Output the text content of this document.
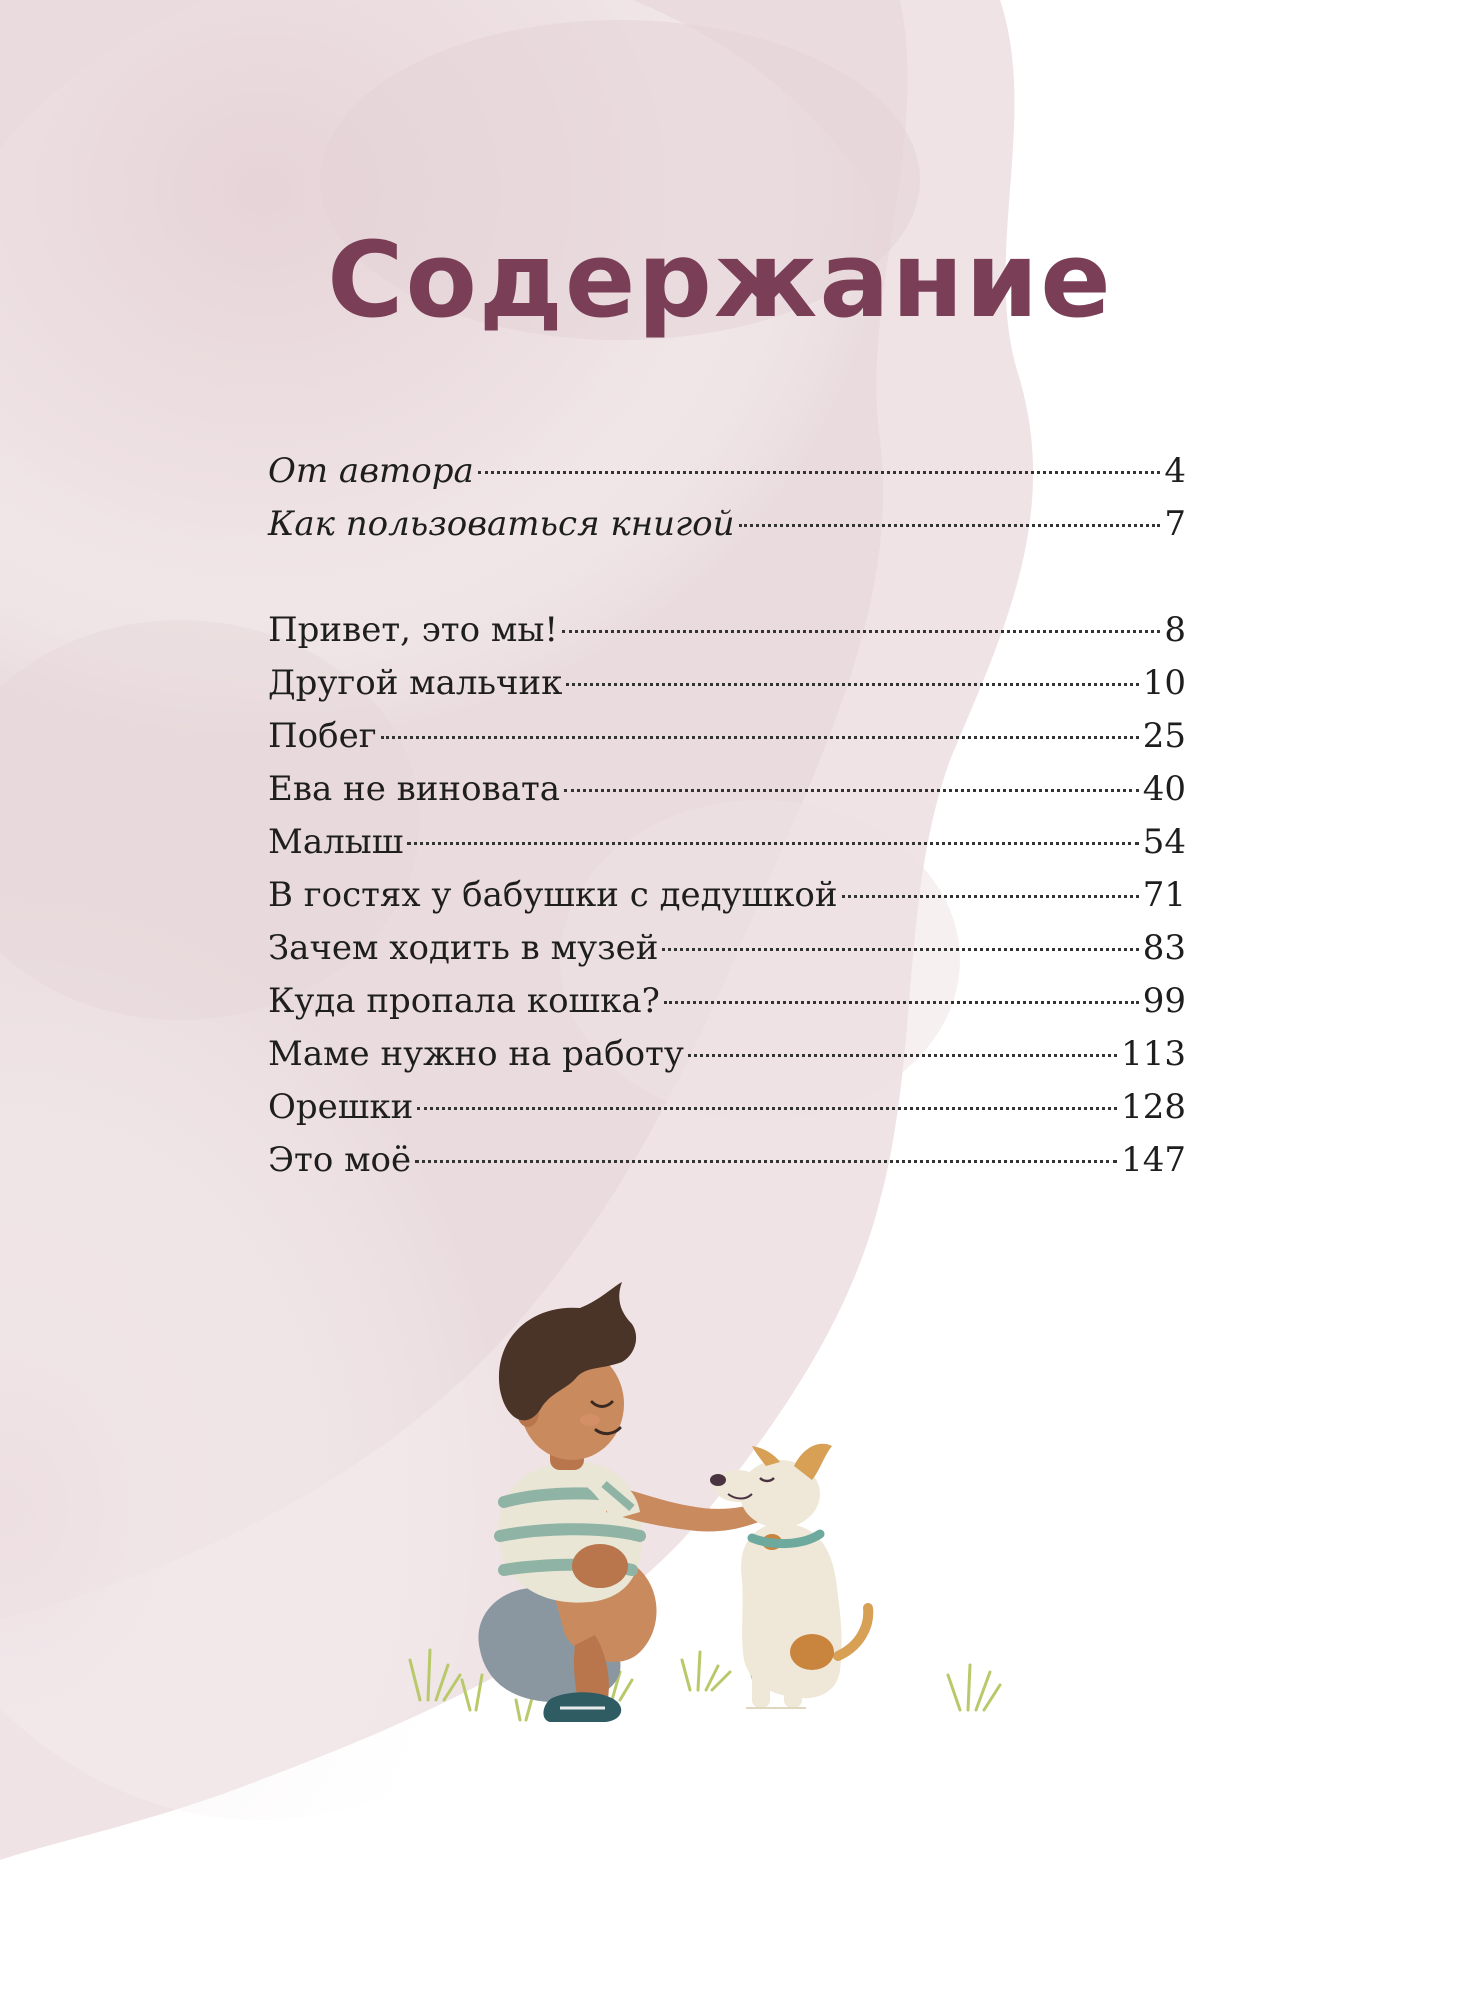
Содержание
От автора	4
Как пользоваться книгой	7
Привет, это мы!	8
Другой мальчик	10
Побег	25
Ева не виновата	40
Малыш	54
В гостях у бабушки с дедушкой	71
Зачем ходить в музей	83
Куда пропала кошка?	99
Маме нужно на работу	113
Орешки	128
Это моё	147
